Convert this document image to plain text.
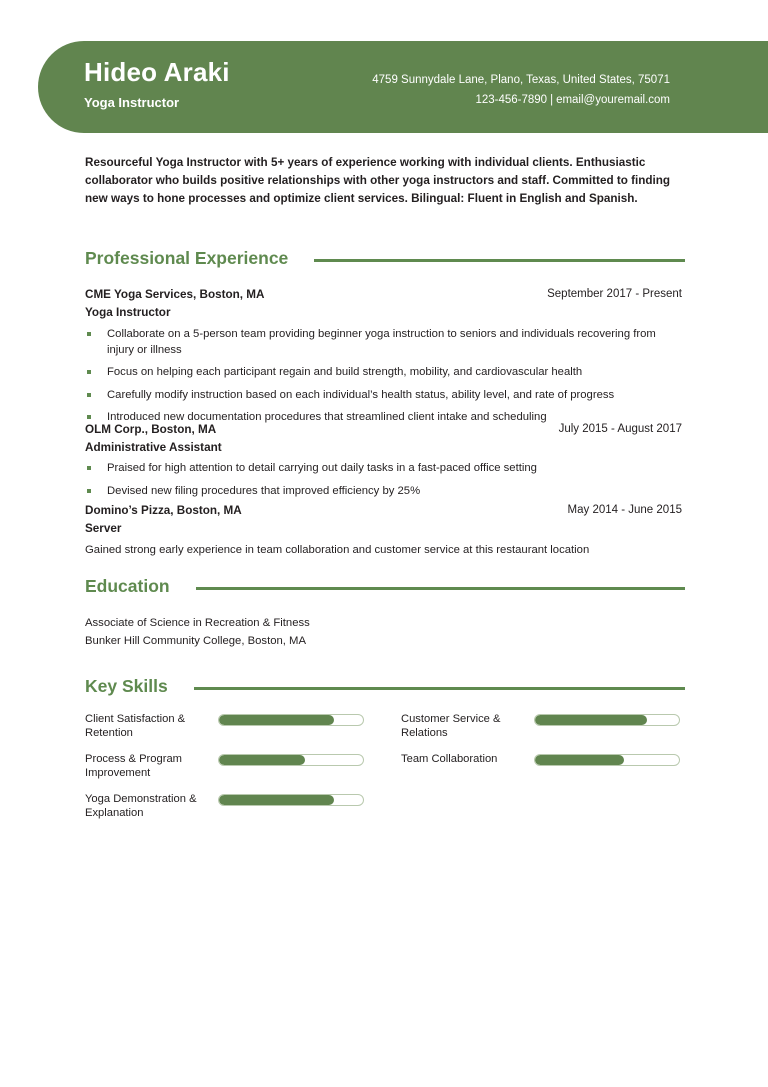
Hideo Araki
Yoga Instructor
4759 Sunnydale Lane, Plano, Texas, United States, 75071
123-456-7890 | email@youremail.com
Resourceful Yoga Instructor with 5+ years of experience working with individual clients. Enthusiastic collaborator who builds positive relationships with other yoga instructors and staff. Committed to finding new ways to hone processes and optimize client services. Bilingual: Fluent in English and Spanish.
Professional Experience
CME Yoga Services, Boston, MA
Yoga Instructor
September 2017 - Present
Collaborate on a 5-person team providing beginner yoga instruction to seniors and individuals recovering from injury or illness
Focus on helping each participant regain and build strength, mobility, and cardiovascular health
Carefully modify instruction based on each individual’s health status, ability level, and rate of progress
Introduced new documentation procedures that streamlined client intake and scheduling
OLM Corp., Boston, MA
Administrative Assistant
July 2015 - August 2017
Praised for high attention to detail carrying out daily tasks in a fast-paced office setting
Devised new filing procedures that improved efficiency by 25%
Domino’s Pizza, Boston, MA
Server
May 2014 - June 2015
Gained strong early experience in team collaboration and customer service at this restaurant location
Education
Associate of Science in Recreation & Fitness
Bunker Hill Community College, Boston, MA
Key Skills
Client Satisfaction & Retention
Process & Program Improvement
Yoga Demonstration & Explanation
Customer Service & Relations
Team Collaboration
